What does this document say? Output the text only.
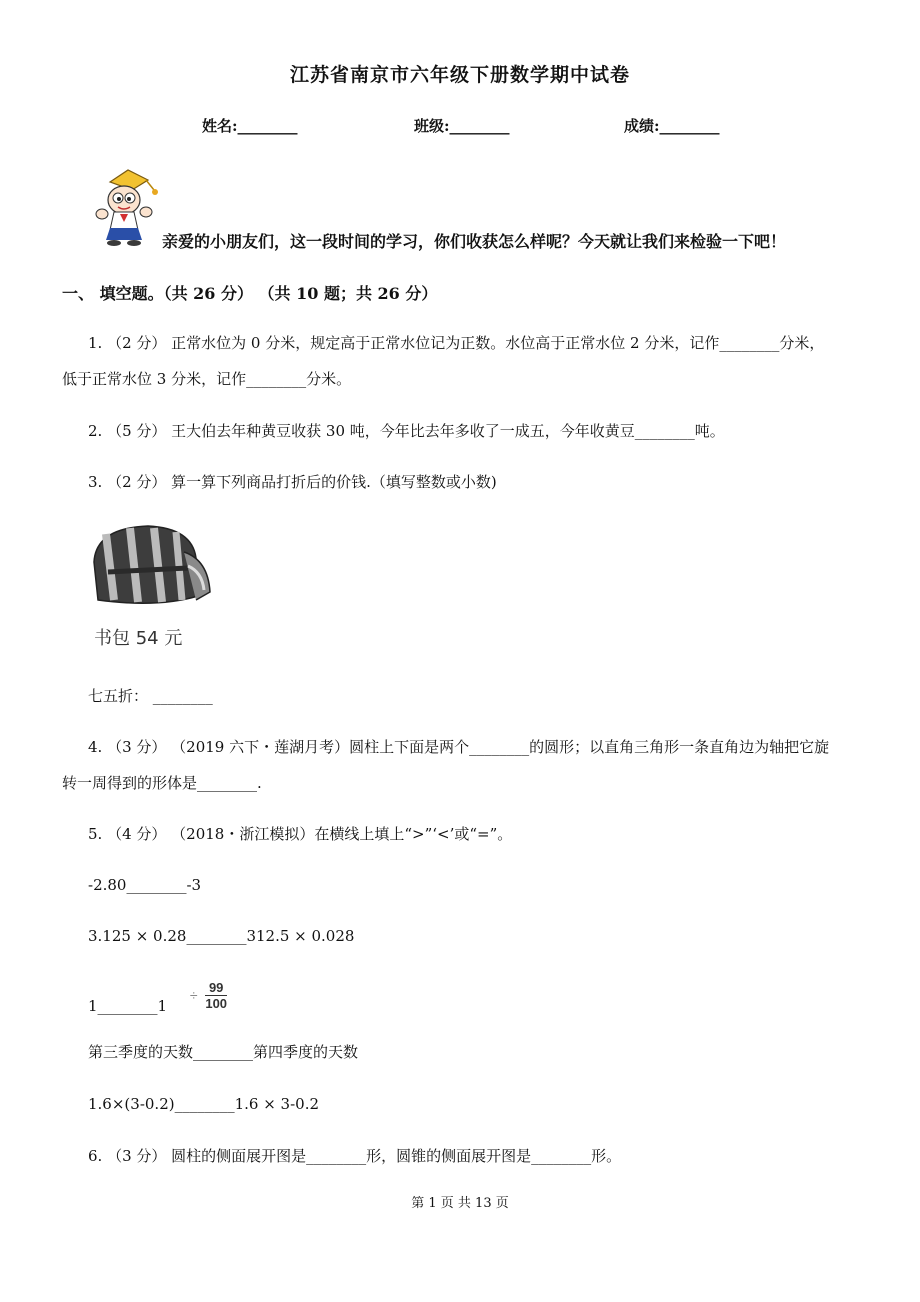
江苏省南京市六年级下册数学期中试卷
姓名:________	班级:________	成绩:________
亲爱的小朋友们，这一段时间的学习，你们收获怎么样呢？今天就让我们来检验一下吧！
一、 填空题。（共 26 分） （共 10 题；共 26 分）
1. （2 分） 正常水位为 0 分米，规定高于正常水位记为正数。水位高于正常水位 2 分米，记作________分米，
低于正常水位 3 分米，记作________分米。
2. （5 分） 王大伯去年种黄豆收获 30 吨，今年比去年多收了一成五，今年收黄豆________吨。
3. （2 分） 算一算下列商品打折后的价钱.（填写整数或小数)
书包 54 元
七五折： ________
4. （3 分） （2019 六下・莲湖月考）圆柱上下面是两个________的圆形；以直角三角形一条直角边为轴把它旋
转一周得到的形体是________.
5. （4 分） （2018・浙江模拟）在横线上填上“>”‘<’或“=”。
-2.80________-3
3.125 × 0.28________312.5 × 0.028
1________1 ÷ $\frac{99}{100}$
第三季度的天数________第四季度的天数
1.6×(3-0.2)________1.6 × 3-0.2
6. （3 分） 圆柱的侧面展开图是________形，圆锥的侧面展开图是________形。
第 1 页 共 13 页
